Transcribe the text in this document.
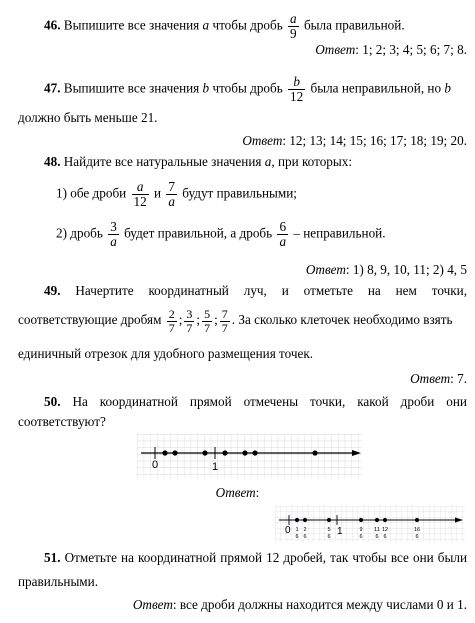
46. Выпишите все значения a чтобы дробь $\frac{a}{9}$ была правильной.
Ответ: 1; 2; 3; 4; 5; 6; 7; 8.
47. Выпишите все значения b чтобы дробь $\frac{b}{12}$ была неправильной, но b
должно быть меньше 21.
Ответ: 12; 13; 14; 15; 16; 17; 18; 19; 20.
48. Найдите все натуральные значения a, при которых:
1) обе дроби $\frac{a}{12}$ и $\frac{7}{a}$ будут правильными;
2) дробь $\frac{3}{a}$ будет правильной, а дробь $\frac{6}{a}$ – неправильной.
Ответ: 1) 8, 9, 10, 11; 2) 4, 5
49. Начертите координатный луч, и отметьте на нем точки,
соответствующие дробям $\frac{2}{7}$ ; $\frac{3}{7}$ ; $\frac{5}{7}$ ; $\frac{7}{7}$ . За сколько клеточек необходимо взять
единичный отрезок для удобного размещения точек.
Ответ: 7.
50. На координатной прямой отмечены точки, какой дроби они
соответствуют?
0	1
Ответ:
0	1
1
6
2
6
5
6
9
6
11
6
12
6
16
6
51. Отметьте на координатной прямой 12 дробей, так чтобы все они были
правильными.
Ответ: все дроби должны находится между числами 0 и 1.
